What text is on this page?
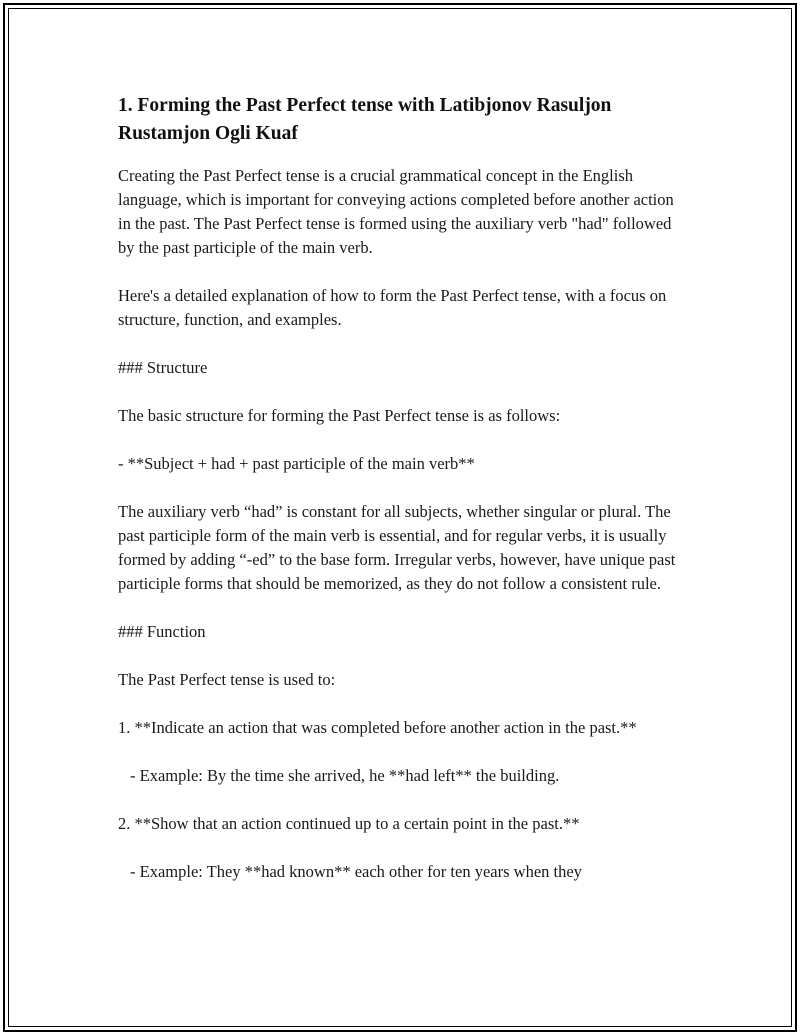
1. Forming the Past Perfect tense with Latibjonov Rasuljon Rustamjon Ogli Kuaf

Creating the Past Perfect tense is a crucial grammatical concept in the English language, which is important for conveying actions completed before another action in the past. The Past Perfect tense is formed using the auxiliary verb "had" followed by the past participle of the main verb.

Here's a detailed explanation of how to form the Past Perfect tense, with a focus on structure, function, and examples.

### Structure

The basic structure for forming the Past Perfect tense is as follows:

- **Subject + had + past participle of the main verb**

The auxiliary verb “had” is constant for all subjects, whether singular or plural. The past participle form of the main verb is essential, and for regular verbs, it is usually formed by adding “-ed” to the base form. Irregular verbs, however, have unique past participle forms that should be memorized, as they do not follow a consistent rule.

### Function

The Past Perfect tense is used to:

1. **Indicate an action that was completed before another action in the past.**

- Example: By the time she arrived, he **had left** the building.

2. **Show that an action continued up to a certain point in the past.**

- Example: They **had known** each other for ten years when they
